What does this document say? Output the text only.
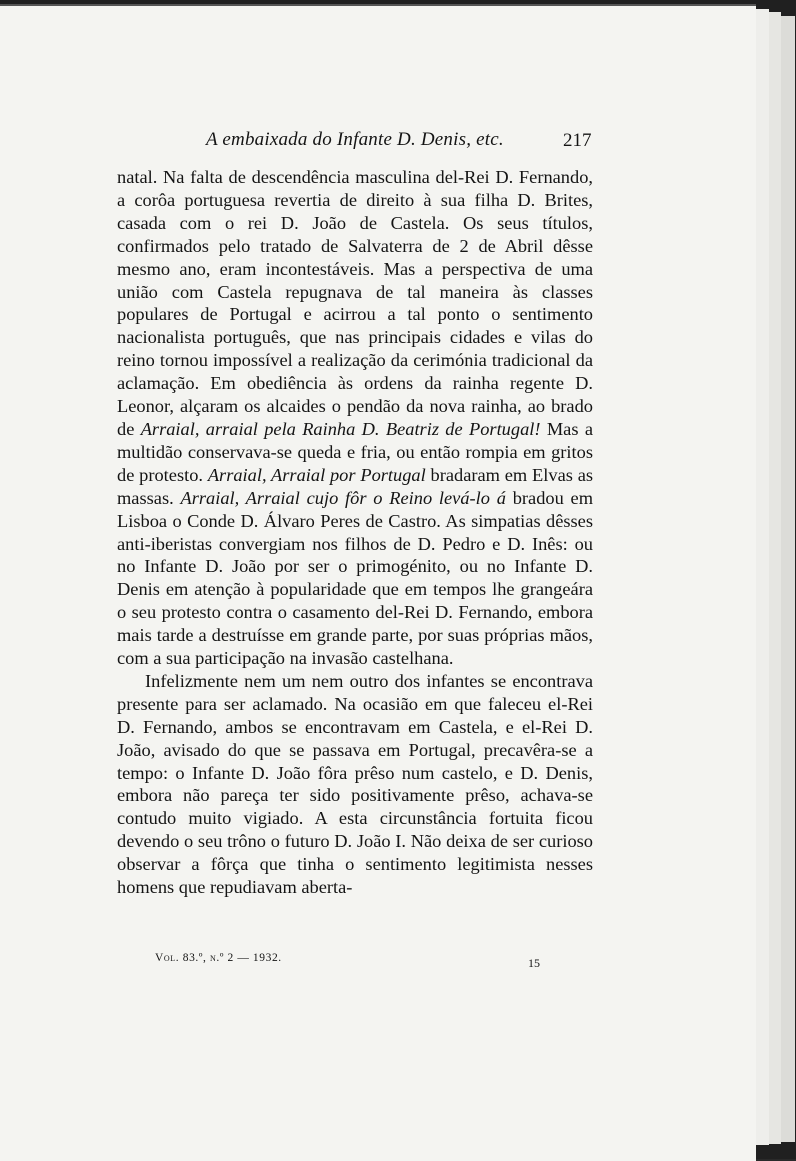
A embaixada do Infante D. Denis, etc.	217

natal. Na falta de descendência masculina del-Rei D. Fernando, a corôa portuguesa revertia de direito à sua filha D. Brites, casada com o rei D. João de Castela. Os seus títulos, confirmados pelo tratado de Salvaterra de 2 de Abril dêsse mesmo ano, eram incontestáveis. Mas a perspectiva de uma união com Castela repugnava de tal maneira às classes populares de Portugal e acirrou a tal ponto o sentimento nacionalista português, que nas principais cidades e vilas do reino tornou impossível a realização da cerimónia tradicional da aclamação. Em obediência às ordens da rainha regente D. Leonor, alçaram os alcaides o pendão da nova rainha, ao brado de Arraial, arraial pela Rainha D. Beatriz de Portugal! Mas a multidão conservava-se queda e fria, ou então rompia em gritos de protesto. Arraial, Arraial por Portugal bradaram em Elvas as massas. Arraial, Arraial cujo fôr o Reino levá-lo á bradou em Lisboa o Conde D. Álvaro Peres de Castro. As simpatias dêsses anti-iberistas convergiam nos filhos de D. Pedro e D. Inês: ou no Infante D. João por ser o primogénito, ou no Infante D. Denis em atenção à popularidade que em tempos lhe grangeára o seu protesto contra o casamento del-Rei D. Fernando, embora mais tarde a destruísse em grande parte, por suas próprias mãos, com a sua participação na invasão castelhana.

Infelizmente nem um nem outro dos infantes se encontrava presente para ser aclamado. Na ocasião em que faleceu el-Rei D. Fernando, ambos se encontravam em Castela, e el-Rei D. João, avisado do que se passava em Portugal, precavêra-se a tempo: o Infante D. João fôra prêso num castelo, e D. Denis, embora não pareça ter sido positivamente prêso, achava-se contudo muito vigiado. A esta circunstância fortuita ficou devendo o seu trôno o futuro D. João I. Não deixa de ser curioso observar a fôrça que tinha o sentimento legitimista nesses homens que repudiavam aberta-

Vol. 83.º, n.º 2 — 1932.	15
